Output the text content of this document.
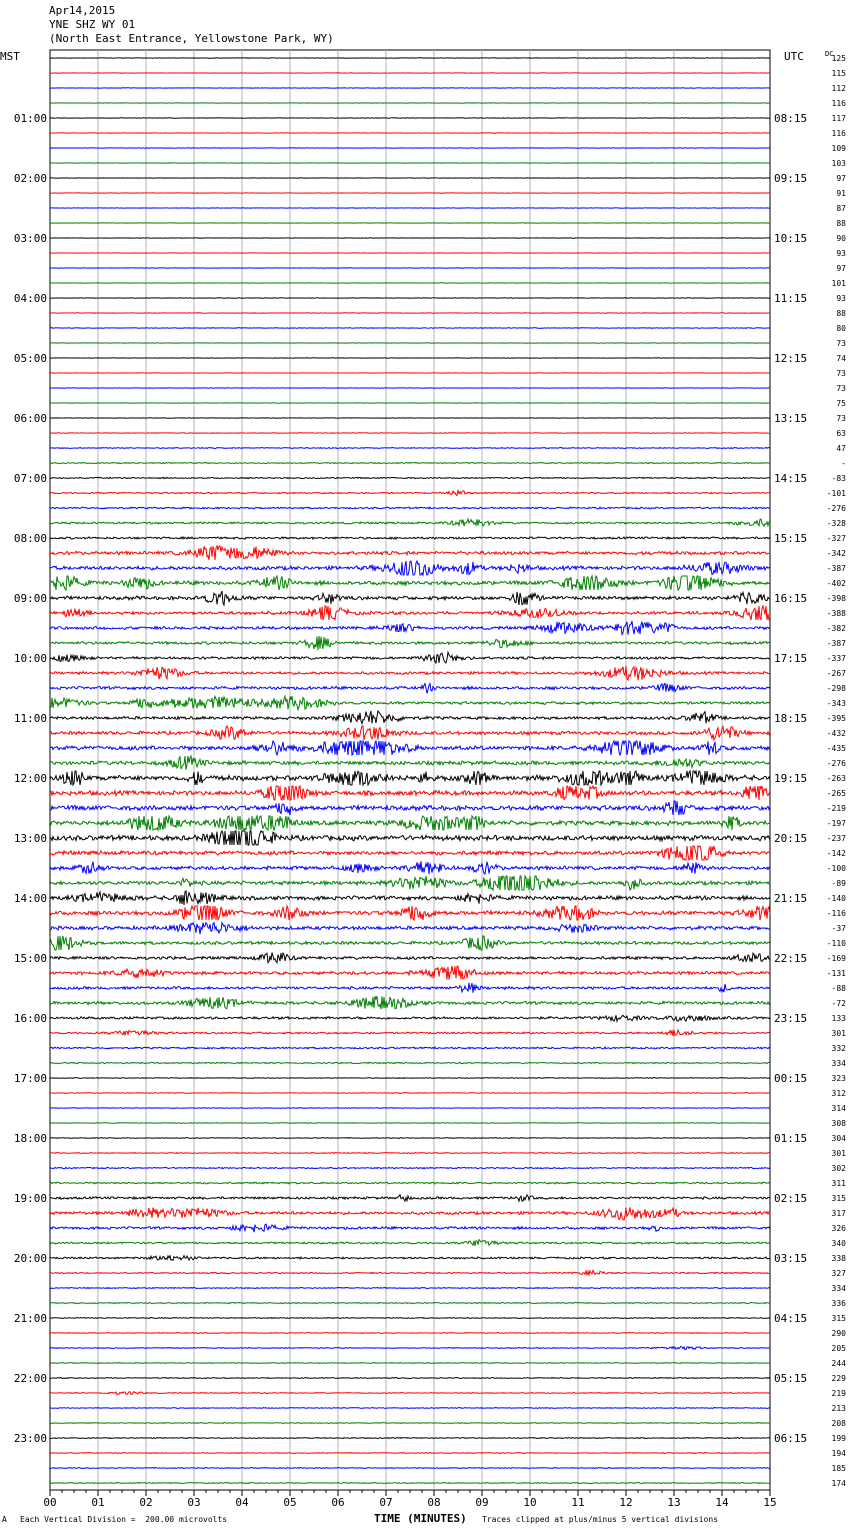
Apr14,2015
YNE SHZ WY 01
(North East Entrance, Yellowstone Park, WY)
00	01	02	03	04	05	06	07	08	09	10	11	12	13	14	15
125
115
112
116
117
116
109
103
97
91
87
88
90
93
97
101
93
88
80
73
74
73
73
75
73
63
47
-
-83
-101
-276
-328
-327
-342
-387
-402
-398
-388
-382
-387
-337
-267
-298
-343
-395
-432
-435
-276
-263
-265
-219
-197
-237
-142
-100
-89
-140
-116
-37
-110
-169
-131
-88
-72
133
301
332
334
323
312
314
308
304
301
302
311
315
317
326
340
338
327
334
336
315
290
205
244
229
219
213
208
199
194
185
174
01:00
02:00
03:00
04:00
05:00
06:00
07:00
08:00
09:00
10:00
11:00
12:00
13:00
14:00
15:00
16:00
17:00
18:00
19:00
20:00
21:00
22:00
23:00
08:15
09:15
10:15
11:15
12:15
13:15
14:15
15:15
16:15
17:15
18:15
19:15
20:15
21:15
22:15
23:15
00:15
01:15
02:15
03:15
04:15
05:15
06:15
MST	UTC	DC
A Each Vertical Division =  200.00 microvolts	TIME (MINUTES) Traces clipped at plus/minus 5 vertical divisions
